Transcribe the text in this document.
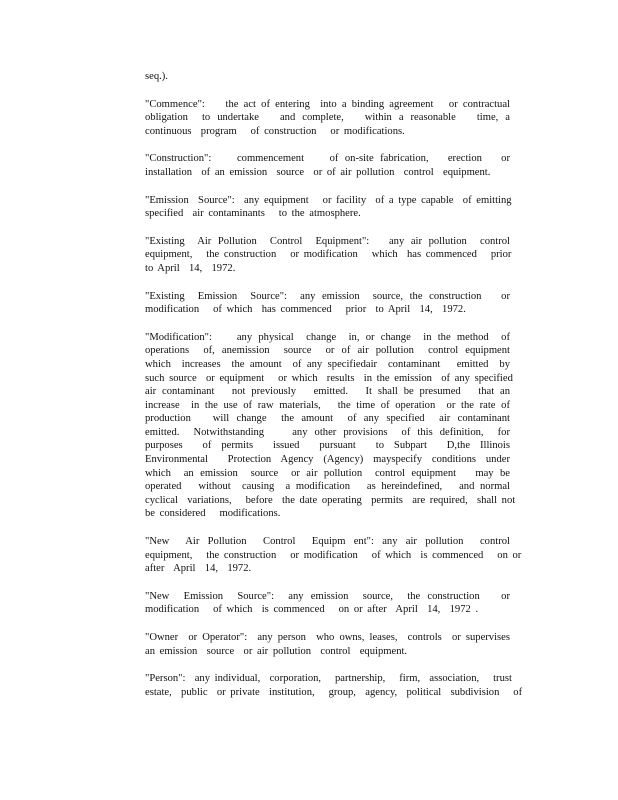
seq.).
"Commence":    the act of entering  into a binding agreement   or contractual
obligation  to undertake   and complete,   within a reasonable   time, a
continuous  program   of construction   or modifications.
"Construction":    commencement    of on-site fabrication,   erection   or
installation  of an emission  source  or of air pollution  control  equipment.
"Emission  Source":  any equipment   or facility  of a type capable  of emitting
specified  air contaminants   to the atmosphere.
"Existing  Air Pollution  Control  Equipment":   any air pollution  control
equipment,   the construction   or modification   which  has commenced   prior
to April  14,  1972.
"Existing  Emission  Source":  any emission  source, the construction   or
modification   of which  has commenced   prior  to April  14,  1972.
"Modification":    any physical  change  in, or change  in the method  of
operations  of, anemission  source  or of air pollution  control equipment
which  increases  the amount  of any specifiedair  contaminant   emitted  by
such source  or equipment   or which  results  in the emission  of any specified
air contaminant   not previously   emitted.   It shall be presumed   that an
increase  in the use of raw materials,   the time of operation  or the rate of
production   will change  the amount  of any specified  air contaminant
emitted.  Notwithstanding    any other provisions  of this definition,  for
purposes  of permits  issued  pursuant  to Subpart  D,the Illinois
Environmental    Protection  Agency  (Agency)  mayspecify  conditions  under
which  an emission  source  or air pollution  control equipment   may be
operated   without  causing  a modification   as hereindefined,   and normal
cyclical  variations,   before  the date operating  permits  are required,  shall not
be considered   modifications.
"New  Air Pollution  Control  Equipm ent": any air pollution  control
equipment,   the construction   or modification   of which  is commenced   on or
after  April  14,  1972.
"New  Emission  Source":  any emission  source,  the construction   or
modification   of which  is commenced   on or after  April  14,  1972 .
"Owner  or Operator":  any person  who owns, leases,  controls  or supervises
an emission  source  or air pollution  control  equipment.
"Person":  any individual,  corporation,   partnership,   firm,  association,   trust
estate,  public  or private  institution,   group,  agency,  political  subdivision   of
